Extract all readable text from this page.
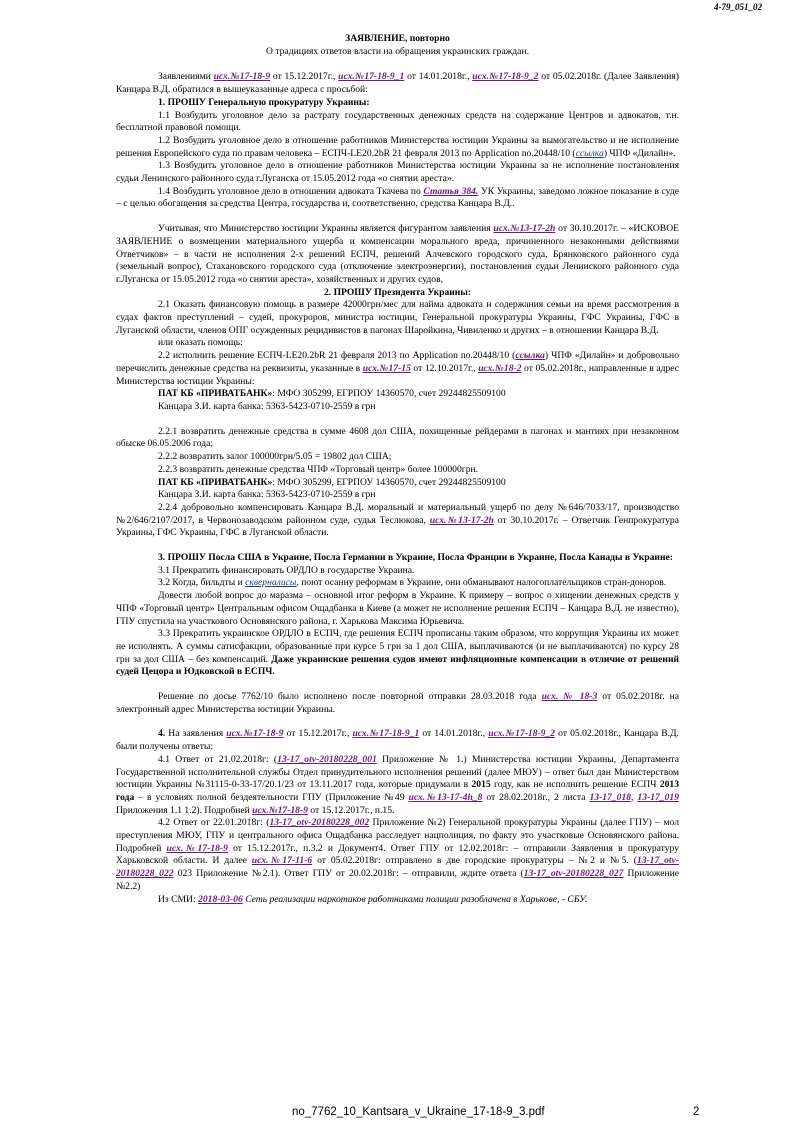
4-79_051_02

ЗАЯВЛЕНИЕ, повторно

О традициях ответов власти на обращения украинских граждан.

Заявлениями исх.№17-18-9 от 15.12.2017г., исх.№17-18-9_1 от 14.01.2018г., исх.№17-18-9_2 от 05.02.2018г. (Далее Заявления) Канцара В.Д. обратился в вышеуказанные адреса с просьбой:

1. ПРОШУ Генеральную прокуратуру Украины:

1.1 Возбудить уголовное дело за растрату государственных денежных средств на содержание Центров и адвокатов, т.н. бесплатной правовой помощи.

1.2 Возбудить уголовное дело в отношение работников Министерства юстиции Украины за вымогательство и не исполнение решения Европейского суда по правам человека – ЕСПЧ-LE20.2bR 21 февраля 2013 по Application no.20448/10 (ссылка) ЧПФ «Дилайн».

1.3 Возбудить уголовное дело в отношение работников Министерства юстиции Украины за не исполнение постановления судьи Ленинского районного суда г.Луганска от 15.05.2012 года «о снятии ареста».

1.4 Возбудить уголовное дело в отношении адвоката Ткачева по Статья 384. УК Украины, заведомо ложное показание в суде – с целью обогащения за средства Центра, государства и, соответственно, средства Канцара В.Д..

Учитывая, что Министерство юстиции Украины является фигурантом заявления исх.№13-17-2h от 30.10.2017г. – «ИСКОВОЕ ЗАЯВЛЕНИЕ о возмещении материального ущерба и компенсации морального вреда, причиненного незаконными действиями Ответчиков» – в части не исполнения 2-х решений ЕСПЧ, решений Алчевского городского суда, Брянковского районного суда (земельный вопрос), Стахановского городского суда (отключение электроэнергии), постановления судьи Ленинского районного суда г.Луганска от 15.05.2012 года «о снятии ареста», хозяйственных и других судов,

2. ПРОШУ Президента Украины:

2.1 Оказать финансовую помощь в размере 42000грн/мес для найма адвоката и содержания семьи на время рассмотрения в судах фактов преступлений – судей, прокуроров, министра юстиции, Генеральной прокуратуры Украины, ГФС Украины, ГФС в Луганской области, членов ОПГ осужденных рецидивистов в пагонах Шаройкина, Чивиленко и других – в отношении Канцара В.Д.

или оказать помощь:

2.2 исполнить решение ЕСПЧ-LE20.2bR 21 февраля 2013 по Application no.20448/10 (ссылка) ЧПФ «Дилайн» и добровольно перечислить денежные средства на реквизиты, указанные в исх.№17-15 от 12.10.2017г., исх.№18-2 от 05.02.2018г., направленные в адрес Министерства юстиции Украины:

ПАТ КБ «ПРИВАТБАНК»: МФО 305299, ЕГРПОУ 14360570, счет 29244825509100

Канцара З.И. карта банка: 5363-5423-0710-2559 в грн

2.2.1 возвратить денежные средства в сумме 4608 дол США, похищенные рейдерами в пагонах и мантиях при незаконном обыске 06.05.2006 года;

2.2.2 возвратить залог 100000грн/5.05 = 19802 дол США;

2.2.3 возвратить денежные средства ЧПФ «Торговый центр» более 100000грн.

ПАТ КБ «ПРИВАТБАНК»: МФО 305299, ЕГРПОУ 14360570, счет 29244825509100

Канцара З.И. карта банка: 5363-5423-0710-2559 в грн

2.2.4 добровольно компенсировать Канцара В.Д. моральный и материальный ущерб по делу №646/7033/17, производство №2/646/2107/2017, в Червонозаводском районном суде, судья Теслюкова, исх.№13-17-2h от 30.10.2017г. – Ответчик Генпрокуратура Украины, ГФС Украины, ГФС в Луганской области.

3. ПРОШУ Посла США в Украине, Посла Германии в Украине, Посла Франции в Украине, Посла Канады в Украине:

3.1 Прекратить финансировать ОРДЛО в государстве Украина.

3.2 Когда, бильдты и скверналисы, поют осанну реформам в Украине, они обманывают налогоплательщиков стран-доноров.

Довести любой вопрос до маразма – основной итог реформ в Украине. К примеру – вопрос о хищении денежных средств у ЧПФ «Торговый центр» Центральным офисом Ощадбанка в Киеве (а может не исполнение решения ЕСПЧ – Канцара В.Д. не известно), ГПУ спустила на участкового Основянского района, г. Харькова Максима Юрьевича.

3.3 Прекратить украинское ОРДЛО в ЕСПЧ, где решения ЕСПЧ прописаны таким образом, что коррупция Украины их может не исполнять. А суммы сатисфакции, образованные при курсе 5 грн за 1 дол США, выплачиваются (и не выплачиваются) по курсу 28 грн за дол США – без компенсаций. Даже украинские решения судов имеют инфляционные компенсации в отличие от решений судей Цецора и Юдковской в ЕСПЧ.

Решение по досье 7762/10 было исполнено после повторной отправки 28.03.2018 года исх. № 18-3 от 05.02.2018г. на электронный адрес Министерства юстиции Украины.

4. На заявления исх.№17-18-9 от 15.12.2017г., исх.№17-18-9_1 от 14.01.2018г., исх.№17-18-9_2 от 05.02.2018г., Канцара В.Д. были получены ответы:

4.1 Ответ от 21.02.2018г: (13-17_otv-20180228_001 Приложение № 1.) Министерства юстиции Украины, Департамента Государственной исполнительной службы Отдел принудительного исполнения решений (далее МЮУ) – ответ был дан Министерством юстиции Украины №31115-0-33-17/20.1/23 от 13.11.2017 года, которые придумали в 2015 году, как не исполнить решение ЕСПЧ 2013 года – в условиях полной бездеятельности ГПУ (Приложение №49 исх.№13-17-4h_8 от 28.02.2018г., 2 листа 13-17_018, 13-17_019 Приложения 1.1 1.2). Подробней исх.№17-18-9 от 15.12.2017г., п.15.

4.2 Ответ от 22.01.2018г: (13-17_otv-20180228_002 Приложение №2) Генеральной прокуратуры Украины (далее ГПУ) – мол преступления МЮУ, ГПУ и центрального офиса Ощадбанка расследует нацполиция, по факту это участковые Основянского района. Подробней исх.№17-18-9 от 15.12.2017г., п.3.2 и Документ4. Ответ ГПУ от 12.02.2018г: – отправили Заявления в прокуратуру Харьковской области. И далее исх.№17-11-6 от 05.02.2018г: отправлено в две городские прокуратуры – №2 и №5. (13-17_otv-20180228_022 023 Приложение №2.1). Ответ ГПУ от 20.02.2018г: – отправили, ждите ответа (13-17_otv-20180228_027 Приложение №2.2)

Из СМИ: 2018-03-06 Сеть реализации наркотиков работниками полиции разоблачена в Харькове, - СБУ.

no_7762_10_Kantsara_v_Ukraine_17-18-9_3.pdf	2
